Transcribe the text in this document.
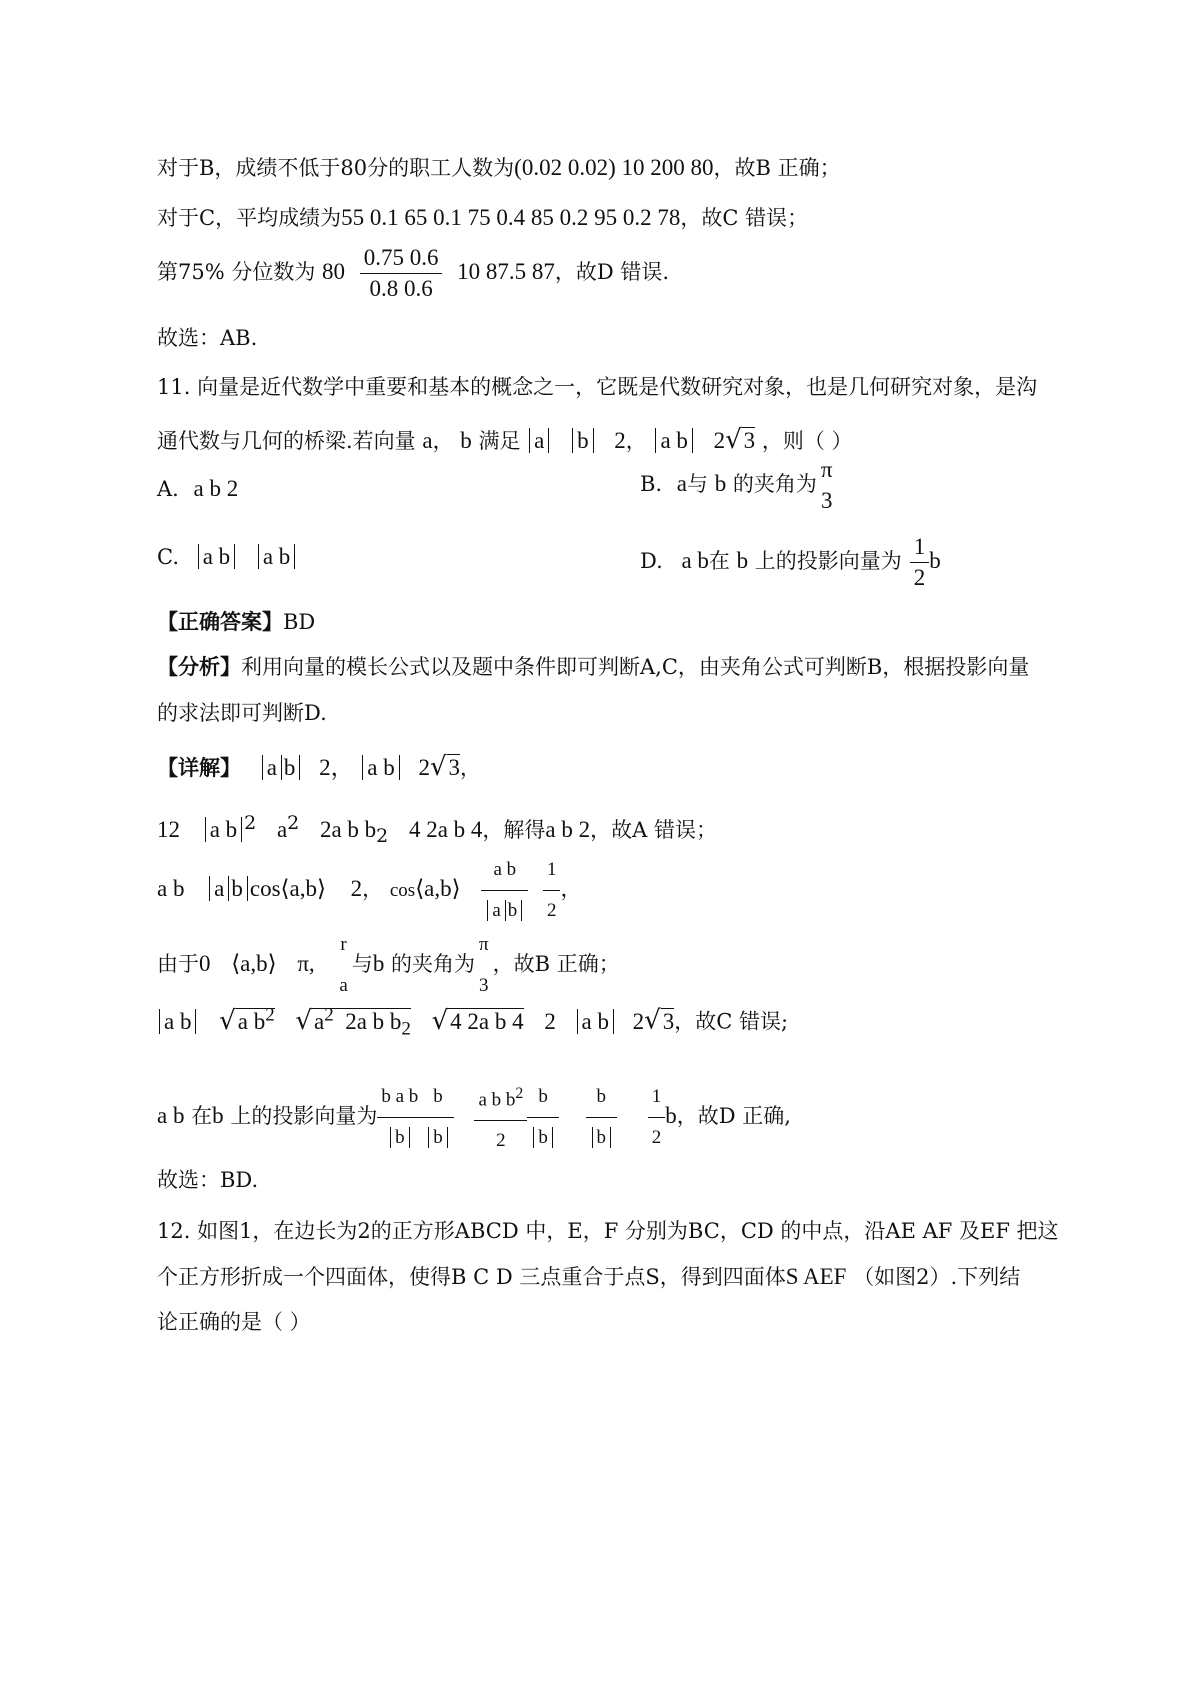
对于B，成绩不低于80分的职工人数为(0.02 0.02) 10 200 80，故B 正确；
对于C，平均成绩为55 0.1 65 0.1 75 0.4 85 0.2 95 0.2 78，故C 错误；
第75% 分位数为 $80 \frac{0.75 0.6}{0.8 0.6} 10$ 87.5 87，故D 错误.
故选：AB.
11. 向量是近代数学中重要和基本的概念之一，它既是代数研究对象，也是几何研究对象，是沟
通代数与几何的桥梁.若向量 a， b 满足 a b 2， a b 2√3 ，则（ ）
A. a b 2	B. a与 b 的夹角为
π
3
C. a b a b	D. a b在 b 上的投影向量为 $\frac{1}{2}$ b
【正确答案】BD
【分析】利用向量的模长公式以及题中条件即可判断A,C，由夹角公式可判断B，根据投影向量
的求法即可判断D.
【详解】 a b 2， a b 2√3，
12 a b $^2$ $a^2$ 2a b $b_2$ 4 2a b 4，解得a b 2，故A 错误；
a b a b cos⟨a,b⟩ 2， cos⟨a,b⟩ $\frac{\text{a b}}{\text{a b}}$
$\frac{1}{2}$ ，
由于0 ⟨a,b⟩ π,
r
a
与b 的夹角为
π
3
，故B 正确；
a b √a $b^2$ $√a^2$ 2a b $b_2$ √4 2a b 4 2 a b 2√3，故C 错误;
a b 在b 上的投影向量为 $\frac{\text{b a b}}{b} \frac{b}{b}$
$\frac{a b b^2}{2} \frac{b}{b}$
$\frac{b}{b}$
$\frac{1}{2}$ b，故D 正确,
故选：BD.
12. 如图1，在边长为2的正方形ABCD 中，E，F 分别为BC，CD 的中点，沿AE AF 及EF 把这
个正方形折成一个四面体，使得B C D 三点重合于点S，得到四面体S AEF （如图2）.下列结
论正确的是（ ）
